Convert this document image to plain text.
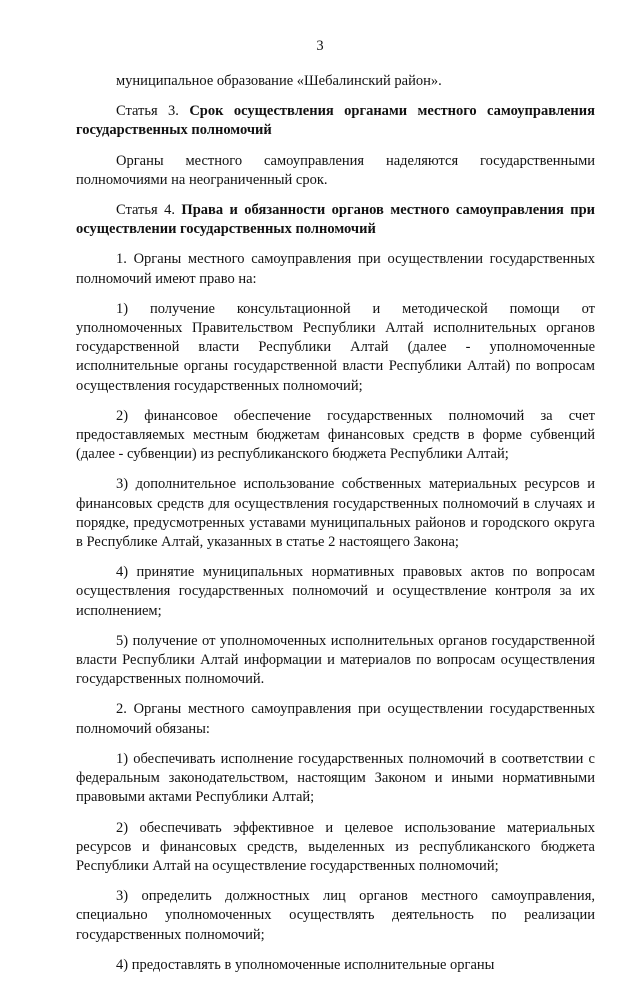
3

муниципальное образование «Шебалинский район».

Статья 3. Срок осуществления органами местного самоуправления государственных полномочий

Органы местного самоуправления наделяются государственными полномочиями на неограниченный срок.

Статья 4. Права и обязанности органов местного самоуправления при осуществлении государственных полномочий

1. Органы местного самоуправления при осуществлении государственных полномочий имеют право на:

1) получение консультационной и методической помощи от уполномоченных Правительством Республики Алтай исполнительных органов государственной власти Республики Алтай (далее - уполномоченные исполнительные органы государственной власти Республики Алтай) по вопросам осуществления государственных полномочий;

2) финансовое обеспечение государственных полномочий за счет предоставляемых местным бюджетам финансовых средств в форме субвенций (далее - субвенции) из республиканского бюджета Республики Алтай;

3) дополнительное использование собственных материальных ресурсов и финансовых средств для осуществления государственных полномочий в случаях и порядке, предусмотренных уставами муниципальных районов и городского округа в Республике Алтай, указанных в статье 2 настоящего Закона;

4) принятие муниципальных нормативных правовых актов по вопросам осуществления государственных полномочий и осуществление контроля за их исполнением;

5) получение от уполномоченных исполнительных органов государственной власти Республики Алтай информации и материалов по вопросам осуществления государственных полномочий.

2. Органы местного самоуправления при осуществлении государственных полномочий обязаны:

1) обеспечивать исполнение государственных полномочий в соответствии с федеральным законодательством, настоящим Законом и иными нормативными правовыми актами Республики Алтай;

2) обеспечивать эффективное и целевое использование материальных ресурсов и финансовых средств, выделенных из республиканского бюджета Республики Алтай на осуществление государственных полномочий;

3) определить должностных лиц органов местного самоуправления, специально уполномоченных осуществлять деятельность по реализации государственных полномочий;

4) предоставлять в уполномоченные исполнительные органы
